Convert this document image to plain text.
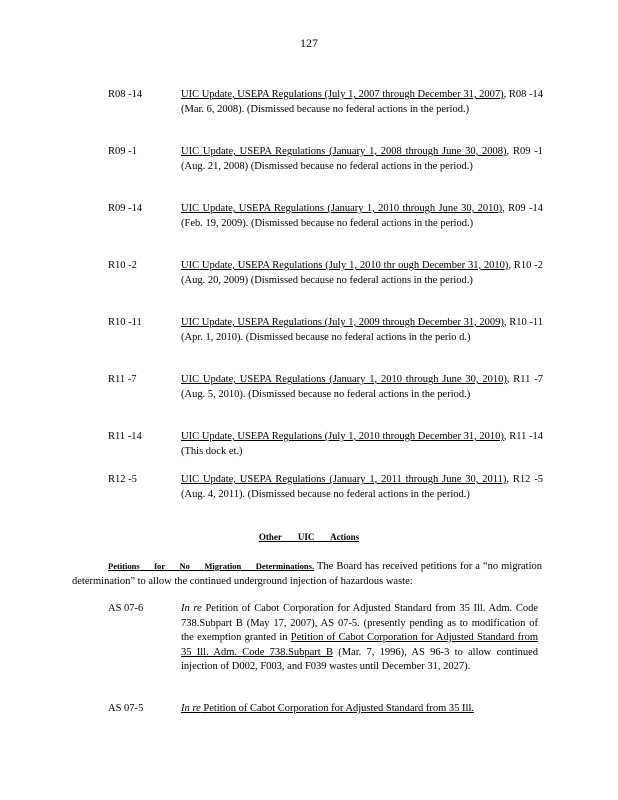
127
R08 -14	UIC Update, USEPA Regulations (July 1, 2007 through December 31, 2007), R08 -14 (Mar. 6, 2008). (Dismissed because no federal actions in the period.)
R09 -1	UIC Update, USEPA Regulations (January 1, 2008 through June 30, 2008), R09 -1 (Aug. 21, 2008) (Dismissed because no federal actions in the period.)
R09 -14	UIC Update, USEPA Regulations (January 1, 2010 through June 30, 2010), R09 -14 (Feb. 19, 2009). (Dismissed because no federal actions in the period.)
R10 -2	UIC Update, USEPA Regulations (July 1, 2010 thr ough December 31, 2010), R10 -2 (Aug. 20, 2009) (Dismissed because no federal actions in the period.)
R10 -11	UIC Update, USEPA Regulations (July 1, 2009 through December 31, 2009), R10 -11 (Apr. 1, 2010). (Dismissed because no federal actions in the perio d.)
R11 -7	UIC Update, USEPA Regulations (January 1, 2010 through June 30, 2010), R11 -7 (Aug. 5, 2010). (Dismissed because no federal actions in the period.)
R11 -14	UIC Update, USEPA Regulations (July 1, 2010 through December 31, 2010), R11 -14 (This dock et.)
R12 -5	UIC Update, USEPA Regulations (January 1, 2011 through June 30, 2011), R12 -5 (Aug. 4, 2011). (Dismissed because no federal actions in the period.)
Other UIC Actions
Petitions for No Migration Determinations. The Board has received petitions for a “no migration determination” to allow the continued underground injection of hazardous waste:
AS 07-6	In re Petition of Cabot Corporation for Adjusted Standard from 35 Ill. Adm. Code 738.Subpart B (May 17, 2007), AS 07-5. (presently pending as to modification of the exemption granted in Petition of Cabot Corporation for Adjusted Standard from 35 Ill. Adm. Code 738.Subpart B (Mar. 7, 1996), AS 96-3 to allow continued injection of D002, F003, and F039 wastes until December 31, 2027).
AS 07-5	In re Petition of Cabot Corporation for Adjusted Standard from 35 Ill.
